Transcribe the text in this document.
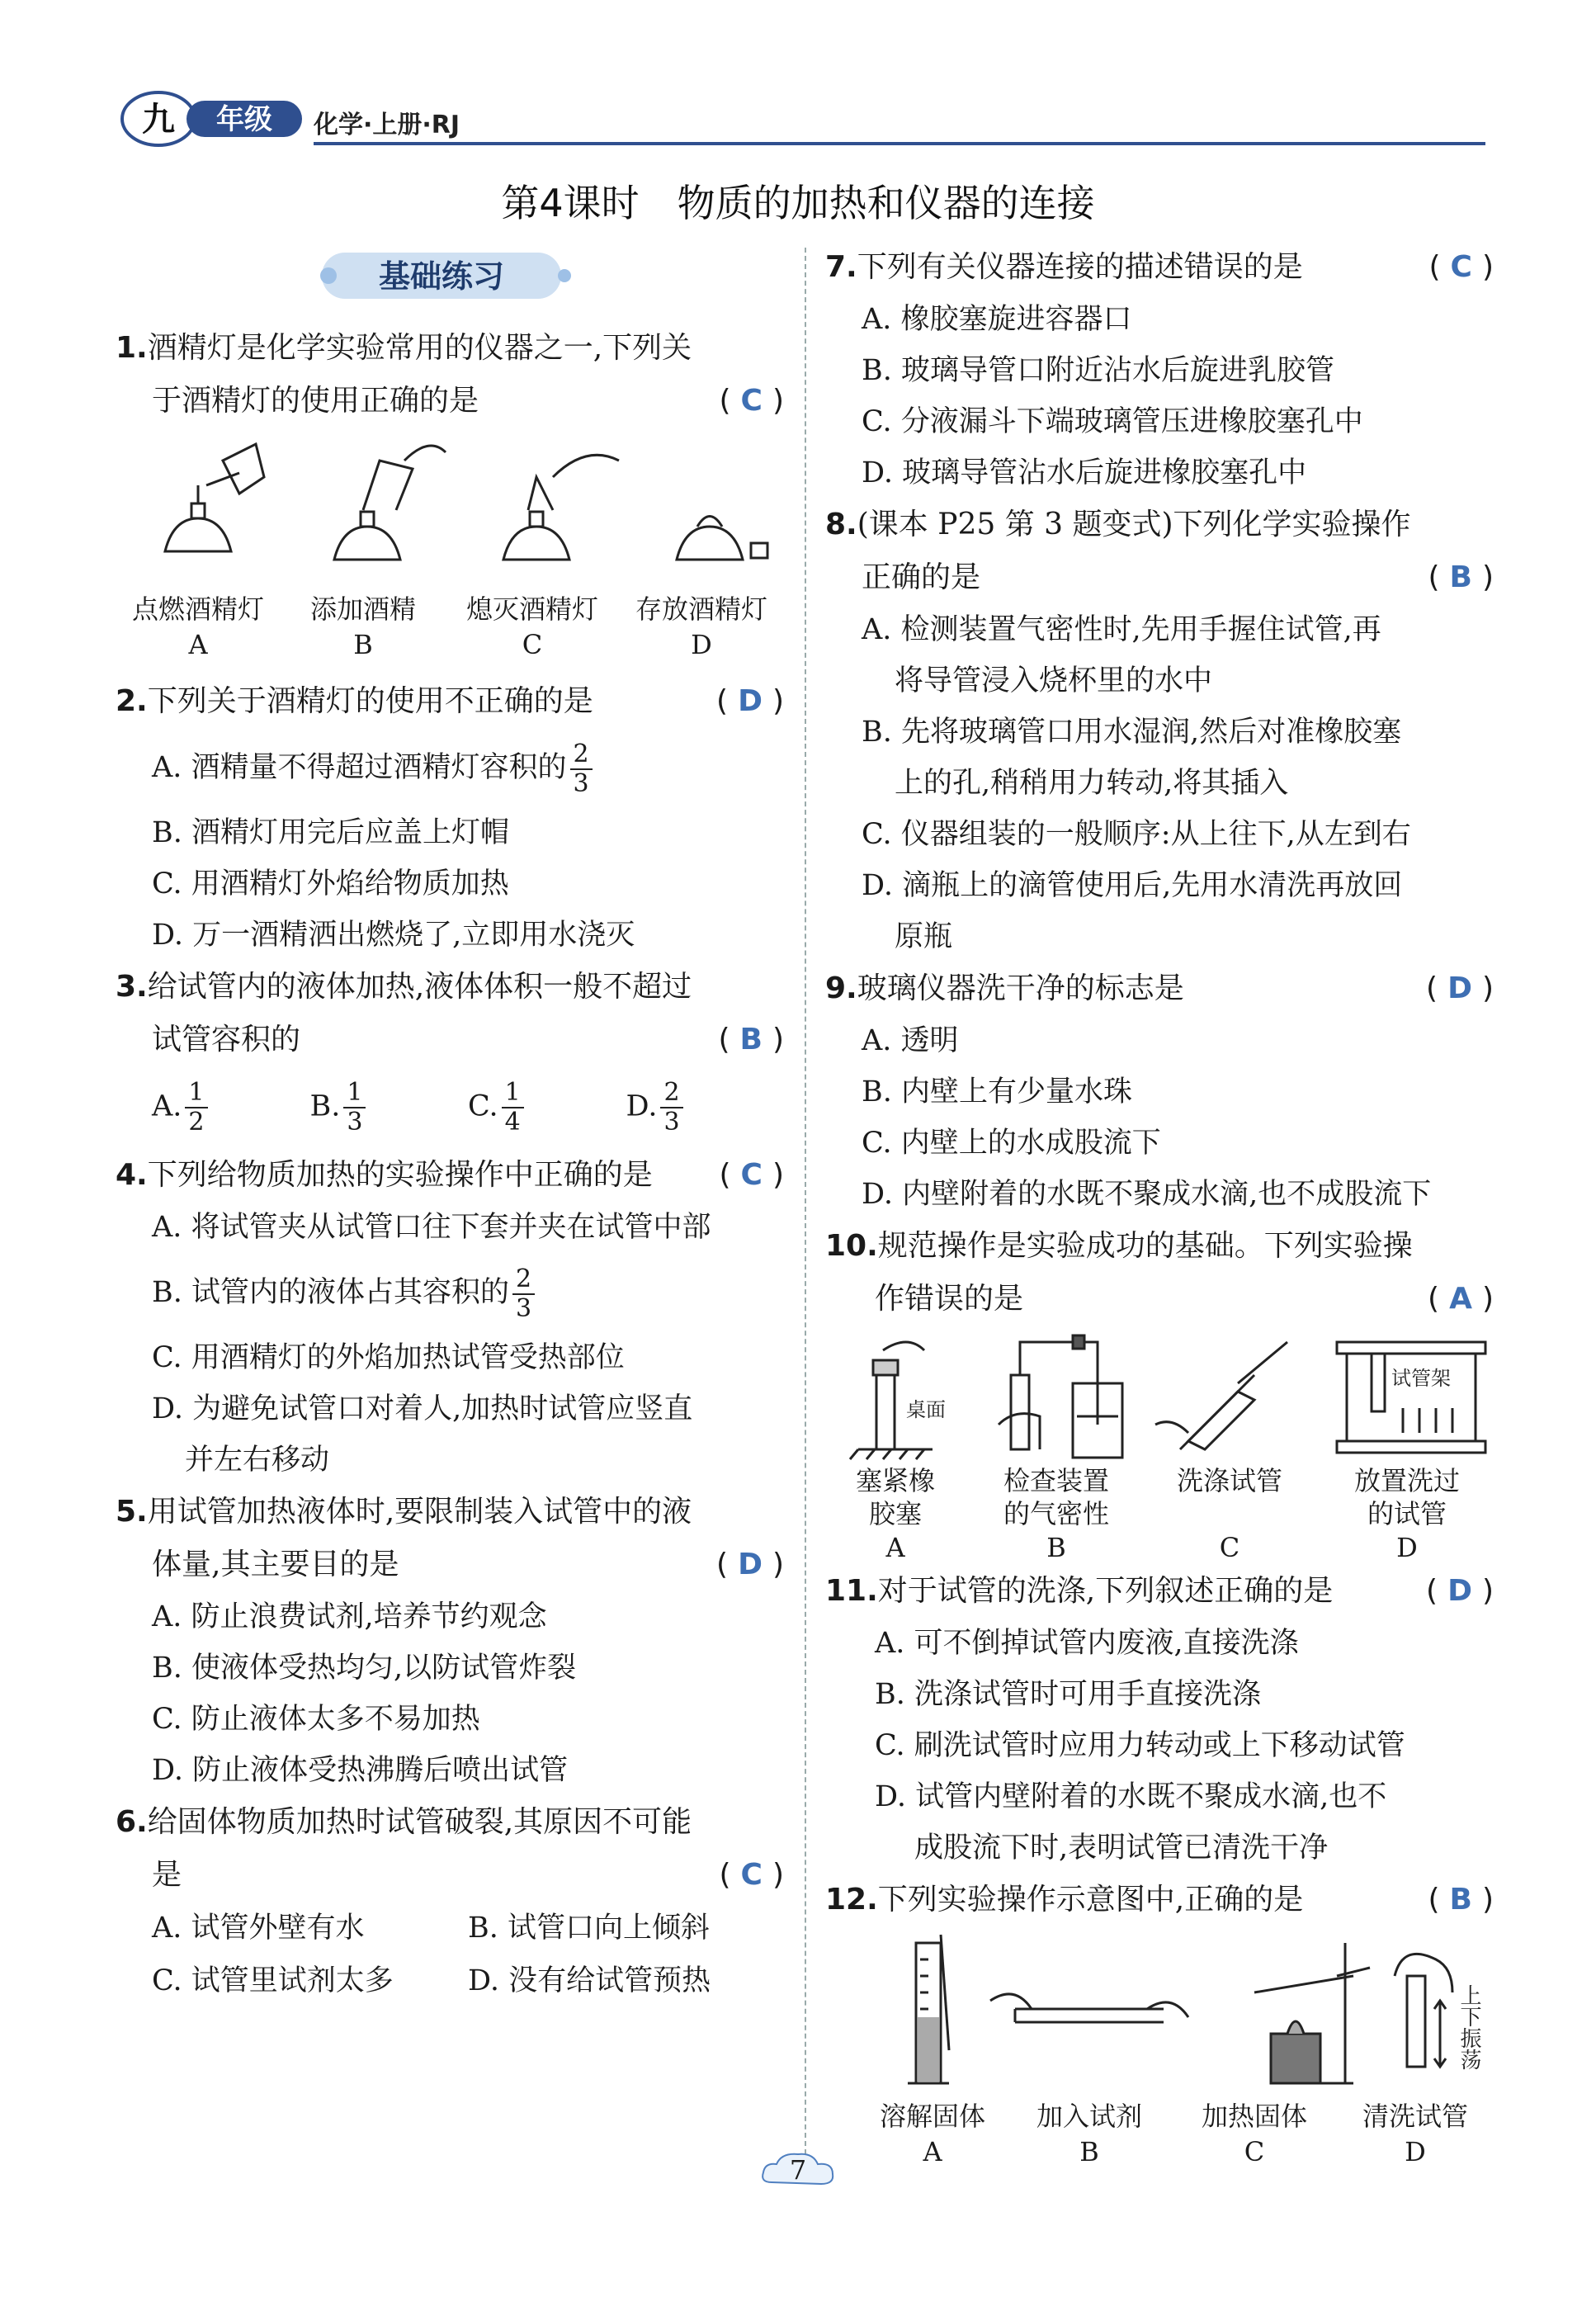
九 年级 化学·上册·RJ
第4课时　物质的加热和仪器的连接
基础练习
1.酒精灯是化学实验常用的仪器之一,下列关
于酒精灯的使用正确的是	( C )
点燃酒精灯	添加酒精	熄灭酒精灯	存放酒精灯
A	B	C	D
2.下列关于酒精灯的使用不正确的是	( D )
A. 酒精量不得超过酒精灯容积的 $\frac{2}{3}$
B. 酒精灯用完后应盖上灯帽
C. 用酒精灯外焰给物质加热
D. 万一酒精洒出燃烧了,立即用水浇灭
3.给试管内的液体加热,液体体积一般不超过
试管容积的	( B )
A. $\frac{1}{2}$	B. $\frac{1}{3}$	C. $\frac{1}{4}$	D. $\frac{2}{3}$
4.下列给物质加热的实验操作中正确的是 ( C )
A. 将试管夹从试管口往下套并夹在试管中部
B. 试管内的液体占其容积的 $\frac{2}{3}$
C. 用酒精灯的外焰加热试管受热部位
D. 为避免试管口对着人,加热时试管应竖直
并左右移动
5.用试管加热液体时,要限制装入试管中的液
体量,其主要目的是	( D )
A. 防止浪费试剂,培养节约观念
B. 使液体受热均匀,以防试管炸裂
C. 防止液体太多不易加热
D. 防止液体受热沸腾后喷出试管
6.给固体物质加热时试管破裂,其原因不可能
是	( C )
A. 试管外壁有水	B. 试管口向上倾斜
C. 试管里试剂太多	D. 没有给试管预热
7.下列有关仪器连接的描述错误的是	( C )
A. 橡胶塞旋进容器口
B. 玻璃导管口附近沾水后旋进乳胶管
C. 分液漏斗下端玻璃管压进橡胶塞孔中
D. 玻璃导管沾水后旋进橡胶塞孔中
8.(课本 P25 第 3 题变式)下列化学实验操作
正确的是	( B )
A. 检测装置气密性时,先用手握住试管,再
将导管浸入烧杯里的水中
B. 先将玻璃管口用水湿润,然后对准橡胶塞
上的孔,稍稍用力转动,将其插入
C. 仪器组装的一般顺序:从上往下,从左到右
D. 滴瓶上的滴管使用后,先用水清洗再放回
原瓶
9.玻璃仪器洗干净的标志是	( D )
A. 透明
B. 内壁上有少量水珠
C. 内壁上的水成股流下
D. 内壁附着的水既不聚成水滴,也不成股流下
10.规范操作是实验成功的基础。下列实验操
作错误的是	( A )
桌面
试管架
塞紧橡
胶塞
检查装置
的气密性
洗涤试管	放置洗过
的试管
A	B	C	D
11.对于试管的洗涤,下列叙述正确的是	( D )
A. 可不倒掉试管内废液,直接洗涤
B. 洗涤试管时可用手直接洗涤
C. 刷洗试管时应用力转动或上下移动试管
D. 试管内壁附着的水既不聚成水滴,也不
成股流下时,表明试管已清洗干净
12.下列实验操作示意图中,正确的是	( B )
上下振荡
溶解固体	加入试剂	加热固体	清洗试管
A	B	C	D
7
